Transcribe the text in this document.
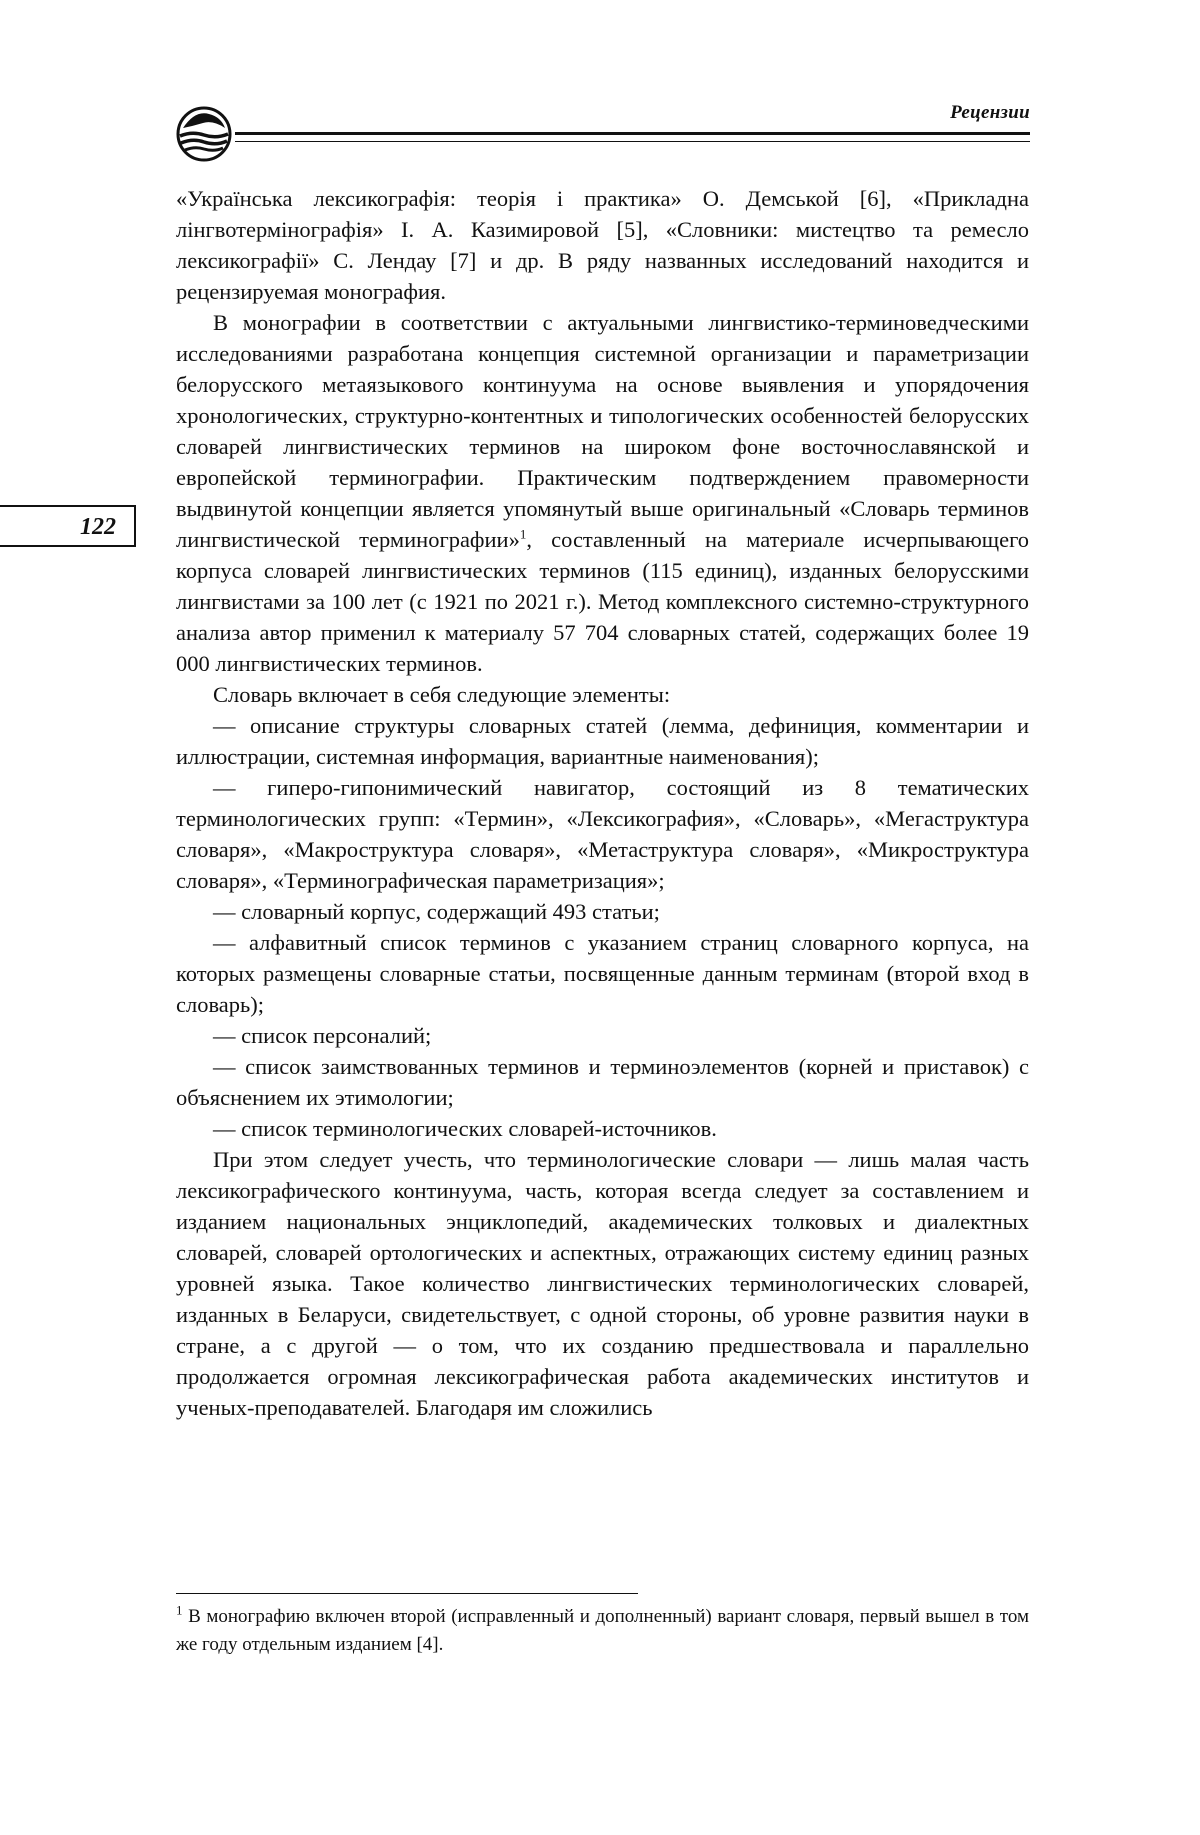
Рецензии
122

«Українська лексикографія: теорія і практика» О. Демськой [6], «Прикладна лінгвотермінографія» І. А. Казимировой [5], «Словники: мистецтво та ремесло лексикографії» С. Лендау [7] и др. В ряду названных исследований находится и рецензируемая монография.

В монографии в соответствии с актуальными лингвистико-терминоведческими исследованиями разработана концепция системной организации и параметризации белорусского метаязыкового континуума на основе выявления и упорядочения хронологических, структурно-контентных и типологических особенностей белорусских словарей лингвистических терминов на широком фоне восточнославянской и европейской терминографии. Практическим подтверждением правомерности выдвинутой концепции является упомянутый выше оригинальный «Словарь терминов лингвистической терминографии»$^1$, составленный на материале исчерпывающего корпуса словарей лингвистических терминов (115 единиц), изданных белорусскими лингвистами за 100 лет (с 1921 по 2021 г.). Метод комплексного системно-структурного анализа автор применил к материалу 57 704 словарных статей, содержащих более 19 000 лингвистических терминов.

Словарь включает в себя следующие элементы:

— описание структуры словарных статей (лемма, дефиниция, комментарии и иллюстрации, системная информация, вариантные наименования);

— гиперо-гипонимический навигатор, состоящий из 8 тематических терминологических групп: «Термин», «Лексикография», «Словарь», «Мегаструктура словаря», «Макроструктура словаря», «Метаструктура словаря», «Микроструктура словаря», «Терминографическая параметризация»;

— словарный корпус, содержащий 493 статьи;

— алфавитный список терминов с указанием страниц словарного корпуса, на которых размещены словарные статьи, посвященные данным терминам (второй вход в словарь);

— список персоналий;

— список заимствованных терминов и терминоэлементов (корней и приставок) с объяснением их этимологии;

— список терминологических словарей-источников.

При этом следует учесть, что терминологические словари — лишь малая часть лексикографического континуума, часть, которая всегда следует за составлением и изданием национальных энциклопедий, академических толковых и диалектных словарей, словарей ортологических и аспектных, отражающих систему единиц разных уровней языка. Такое количество лингвистических терминологических словарей, изданных в Беларуси, свидетельствует, с одной стороны, об уровне развития науки в стране, а с другой — о том, что их созданию предшествовала и параллельно продолжается огромная лексикографическая работа академических институтов и ученых-преподавателей. Благодаря им сложились

$^1$ В монографию включен второй (исправленный и дополненный) вариант словаря, первый вышел в том же году отдельным изданием [4].
